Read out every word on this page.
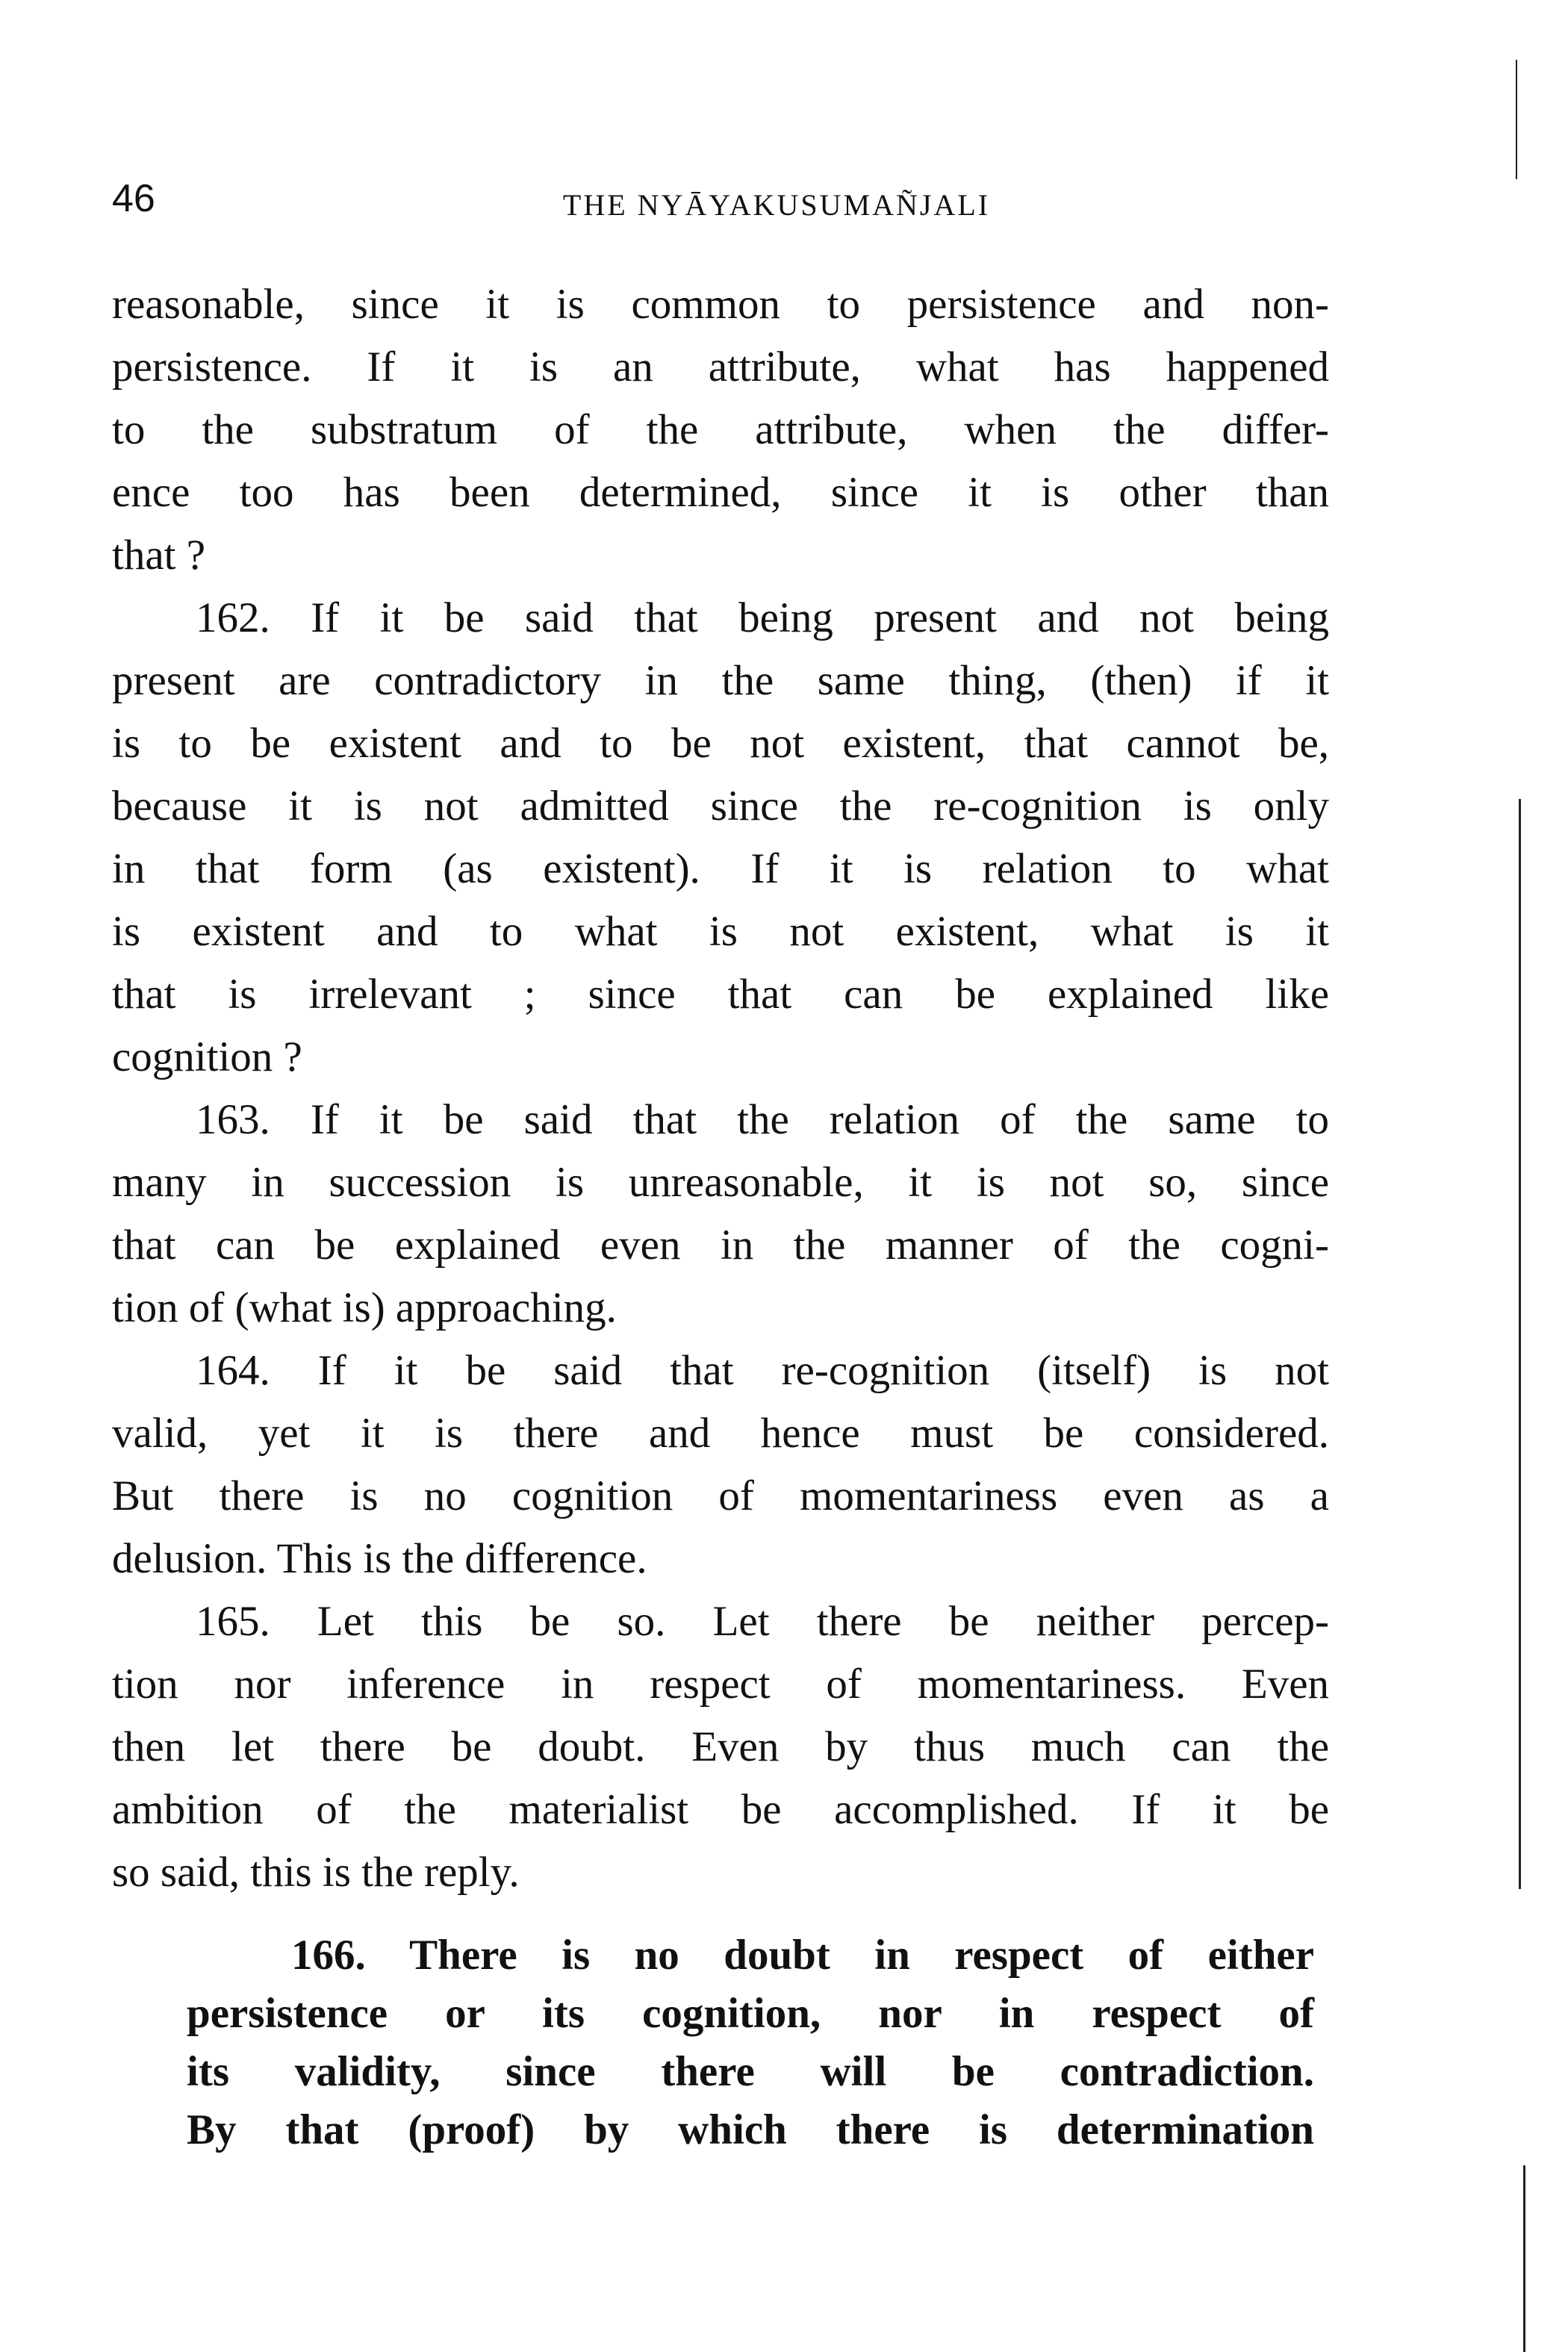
46	THE NYĀYAKUSUMAÑJALI
reasonable, since it is common to persistence and non-
persistence. If it is an attribute, what has happened
to the substratum of the attribute, when the differ-
ence too has been determined, since it is other than
that ?
162. If it be said that being present and not being
present are contradictory in the same thing, (then) if it
is to be existent and to be not existent, that cannot be,
because it is not admitted since the re-cognition is only
in that form (as existent). If it is relation to what
is existent and to what is not existent, what is it
that is irrelevant ; since that can be explained like
cognition ?
163. If it be said that the relation of the same to
many in succession is unreasonable, it is not so, since
that can be explained even in the manner of the cogni-
tion of (what is) approaching.
164. If it be said that re-cognition (itself) is not
valid, yet it is there and hence must be considered.
But there is no cognition of momentariness even as a
delusion. This is the difference.
165. Let this be so. Let there be neither percep-
tion nor inference in respect of momentariness. Even
then let there be doubt. Even by thus much can the
ambition of the materialist be accomplished. If it be
so said, this is the reply.
166. There is no doubt in respect of either
persistence or its cognition, nor in respect of
its validity, since there will be contradiction.
By that (proof) by which there is determination
